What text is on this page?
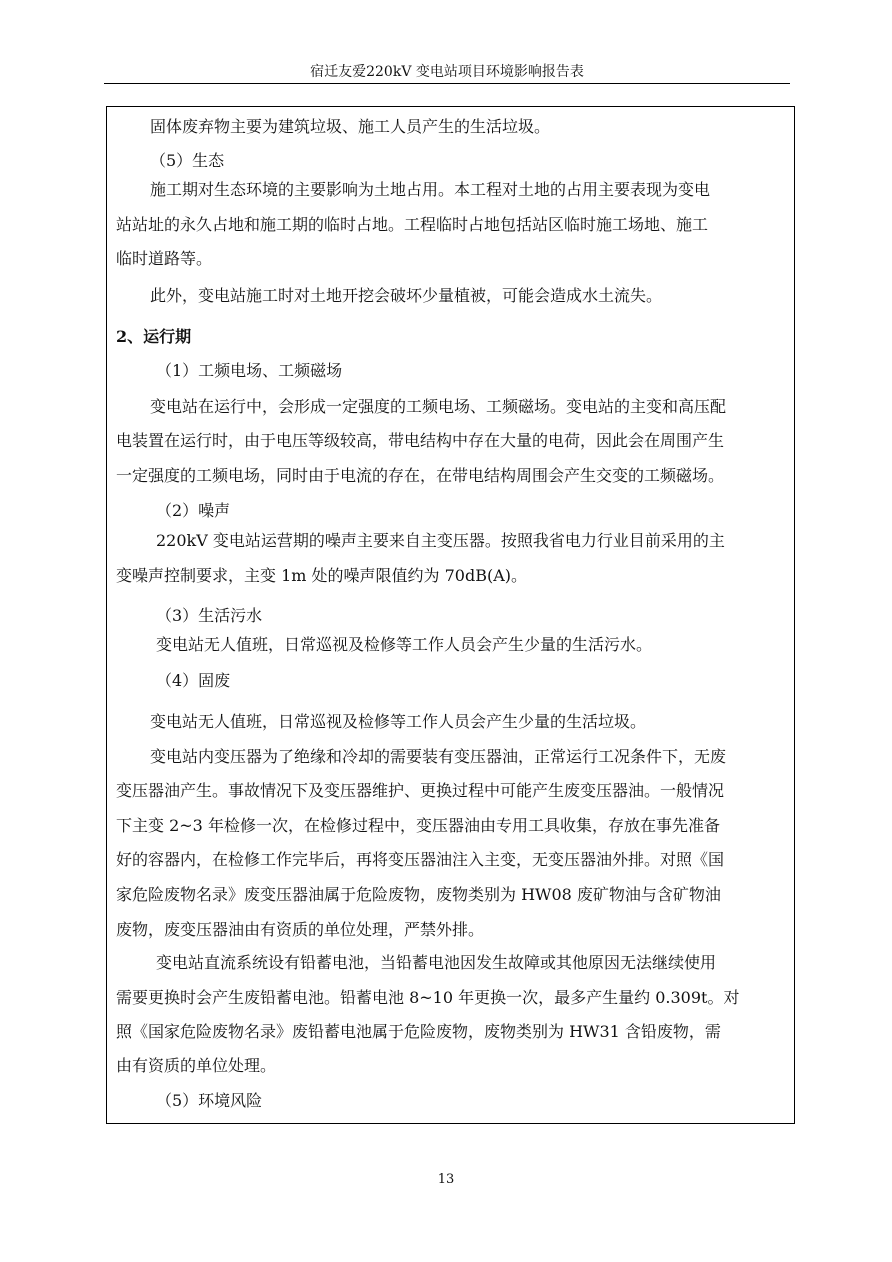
宿迁友爱220kV 变电站项目环境影响报告表
固体废弃物主要为建筑垃圾、施工人员产生的生活垃圾。
（5）生态
施工期对生态环境的主要影响为土地占用。本工程对土地的占用主要表现为变电
站站址的永久占地和施工期的临时占地。工程临时占地包括站区临时施工场地、施工
临时道路等。
此外，变电站施工时对土地开挖会破坏少量植被，可能会造成水土流失。
2、运行期
（1）工频电场、工频磁场
变电站在运行中，会形成一定强度的工频电场、工频磁场。变电站的主变和高压配
电装置在运行时，由于电压等级较高，带电结构中存在大量的电荷，因此会在周围产生
一定强度的工频电场，同时由于电流的存在，在带电结构周围会产生交变的工频磁场。
（2）噪声
220kV 变电站运营期的噪声主要来自主变压器。按照我省电力行业目前采用的主
变噪声控制要求，主变 1m 处的噪声限值约为 70dB(A)。
（3）生活污水
变电站无人值班，日常巡视及检修等工作人员会产生少量的生活污水。
（4）固废
变电站无人值班，日常巡视及检修等工作人员会产生少量的生活垃圾。
变电站内变压器为了绝缘和冷却的需要装有变压器油，正常运行工况条件下，无废
变压器油产生。事故情况下及变压器维护、更换过程中可能产生废变压器油。一般情况
下主变 2~3 年检修一次，在检修过程中，变压器油由专用工具收集，存放在事先准备
好的容器内，在检修工作完毕后，再将变压器油注入主变，无变压器油外排。对照《国
家危险废物名录》废变压器油属于危险废物，废物类别为 HW08 废矿物油与含矿物油
废物，废变压器油由有资质的单位处理，严禁外排。
变电站直流系统设有铅蓄电池，当铅蓄电池因发生故障或其他原因无法继续使用
需要更换时会产生废铅蓄电池。铅蓄电池 8~10 年更换一次，最多产生量约 0.309t。对
照《国家危险废物名录》废铅蓄电池属于危险废物，废物类别为 HW31 含铅废物，需
由有资质的单位处理。
（5）环境风险
13
